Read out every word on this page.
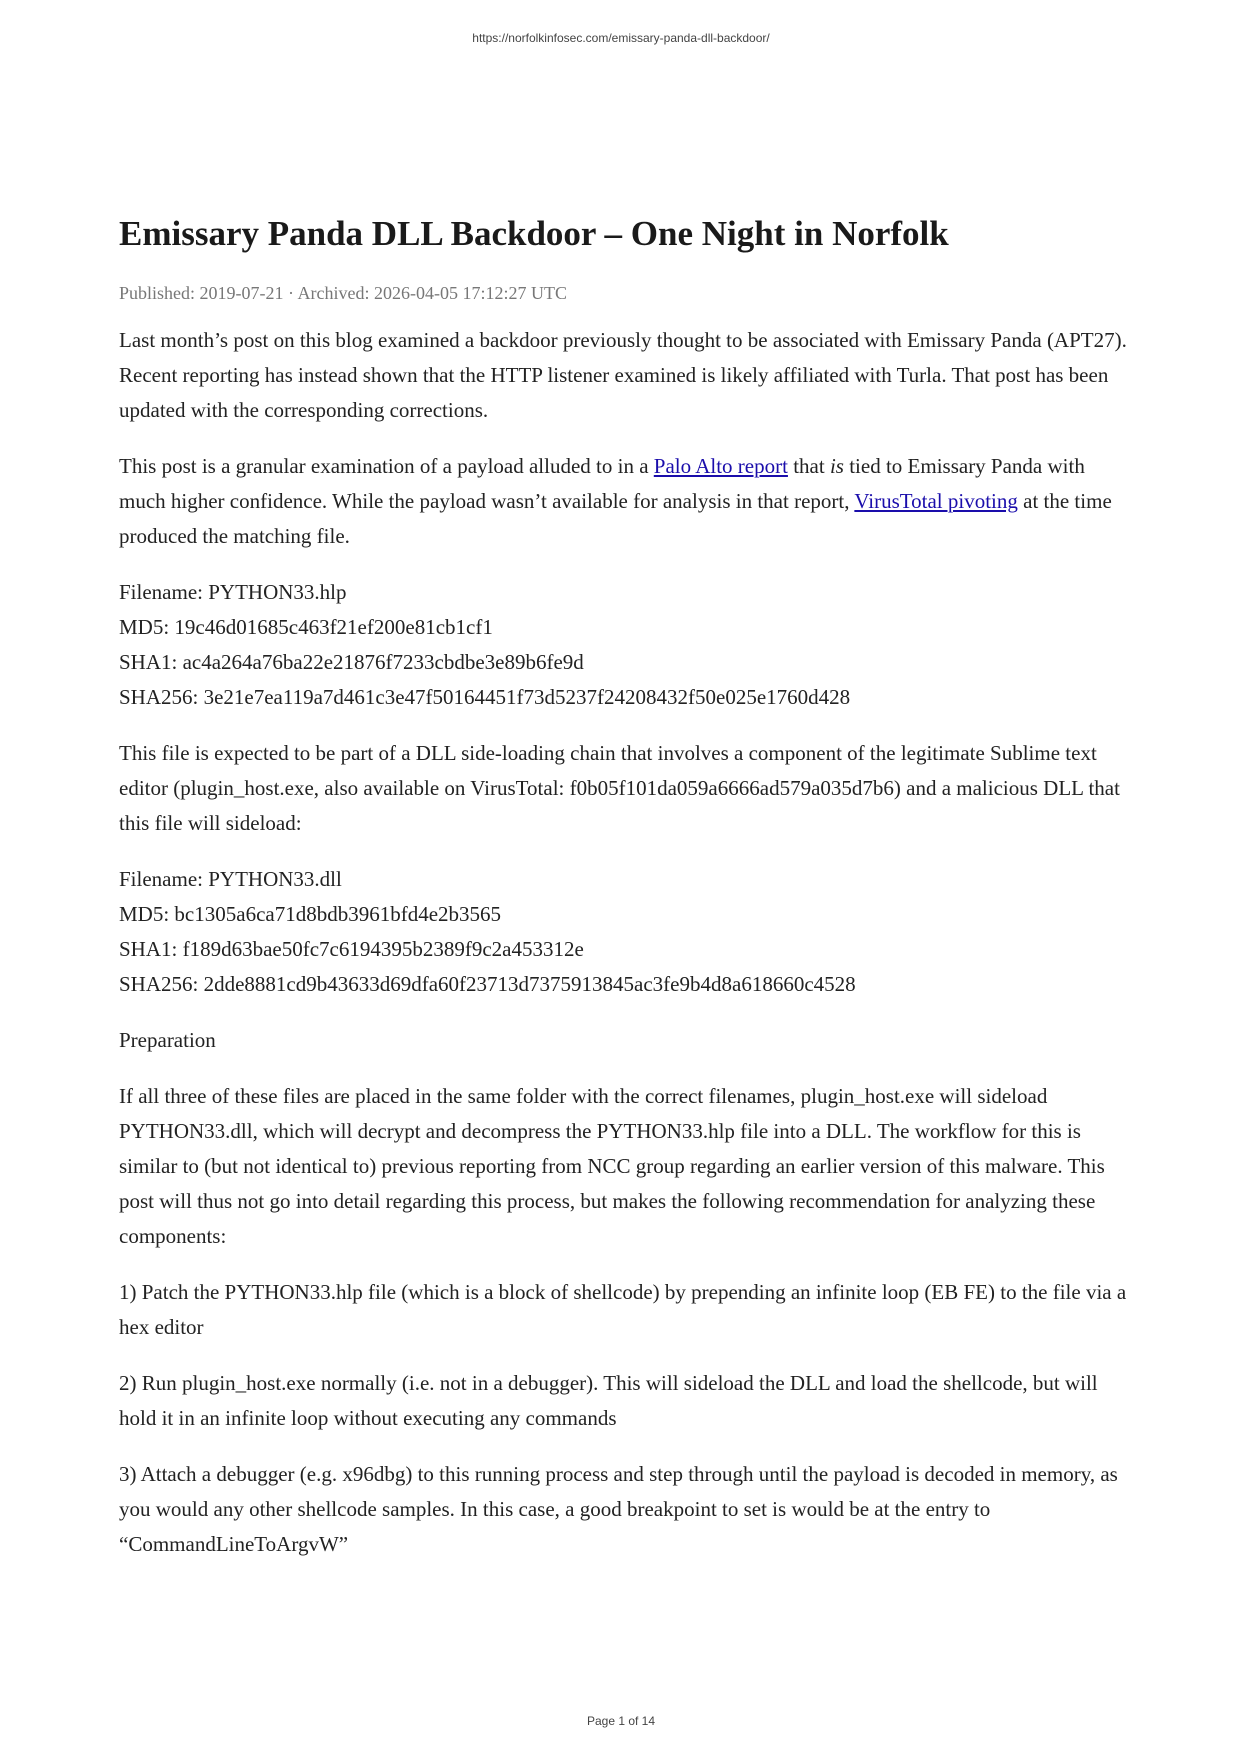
https://norfolkinfosec.com/emissary-panda-dll-backdoor/
Emissary Panda DLL Backdoor – One Night in Norfolk
Published: 2019-07-21 · Archived: 2026-04-05 17:12:27 UTC

Last month’s post on this blog examined a backdoor previously thought to be associated with Emissary Panda (APT27). Recent reporting has instead shown that the HTTP listener examined is likely affiliated with Turla. That post has been updated with the corresponding corrections.

This post is a granular examination of a payload alluded to in a Palo Alto report that is tied to Emissary Panda with much higher confidence. While the payload wasn’t available for analysis in that report, VirusTotal pivoting at the time produced the matching file.

Filename: PYTHON33.hlp

MD5: 19c46d01685c463f21ef200e81cb1cf1

SHA1: ac4a264a76ba22e21876f7233cbdbe3e89b6fe9d

SHA256: 3e21e7ea119a7d461c3e47f50164451f73d5237f24208432f50e025e1760d428

This file is expected to be part of a DLL side-loading chain that involves a component of the legitimate Sublime text editor (plugin_host.exe, also available on VirusTotal: f0b05f101da059a6666ad579a035d7b6) and a malicious DLL that this file will sideload:

Filename: PYTHON33.dll

MD5: bc1305a6ca71d8bdb3961bfd4e2b3565

SHA1: f189d63bae50fc7c6194395b2389f9c2a453312e

SHA256: 2dde8881cd9b43633d69dfa60f23713d7375913845ac3fe9b4d8a618660c4528

Preparation

If all three of these files are placed in the same folder with the correct filenames, plugin_host.exe will sideload PYTHON33.dll, which will decrypt and decompress the PYTHON33.hlp file into a DLL. The workflow for this is similar to (but not identical to) previous reporting from NCC group regarding an earlier version of this malware. This post will thus not go into detail regarding this process, but makes the following recommendation for analyzing these components:

1) Patch the PYTHON33.hlp file (which is a block of shellcode) by prepending an infinite loop (EB FE) to the file via a hex editor

2) Run plugin_host.exe normally (i.e. not in a debugger). This will sideload the DLL and load the shellcode, but will hold it in an infinite loop without executing any commands

3) Attach a debugger (e.g. x96dbg) to this running process and step through until the payload is decoded in memory, as you would any other shellcode samples. In this case, a good breakpoint to set is would be at the entry to “CommandLineToArgvW”

Page 1 of 14
